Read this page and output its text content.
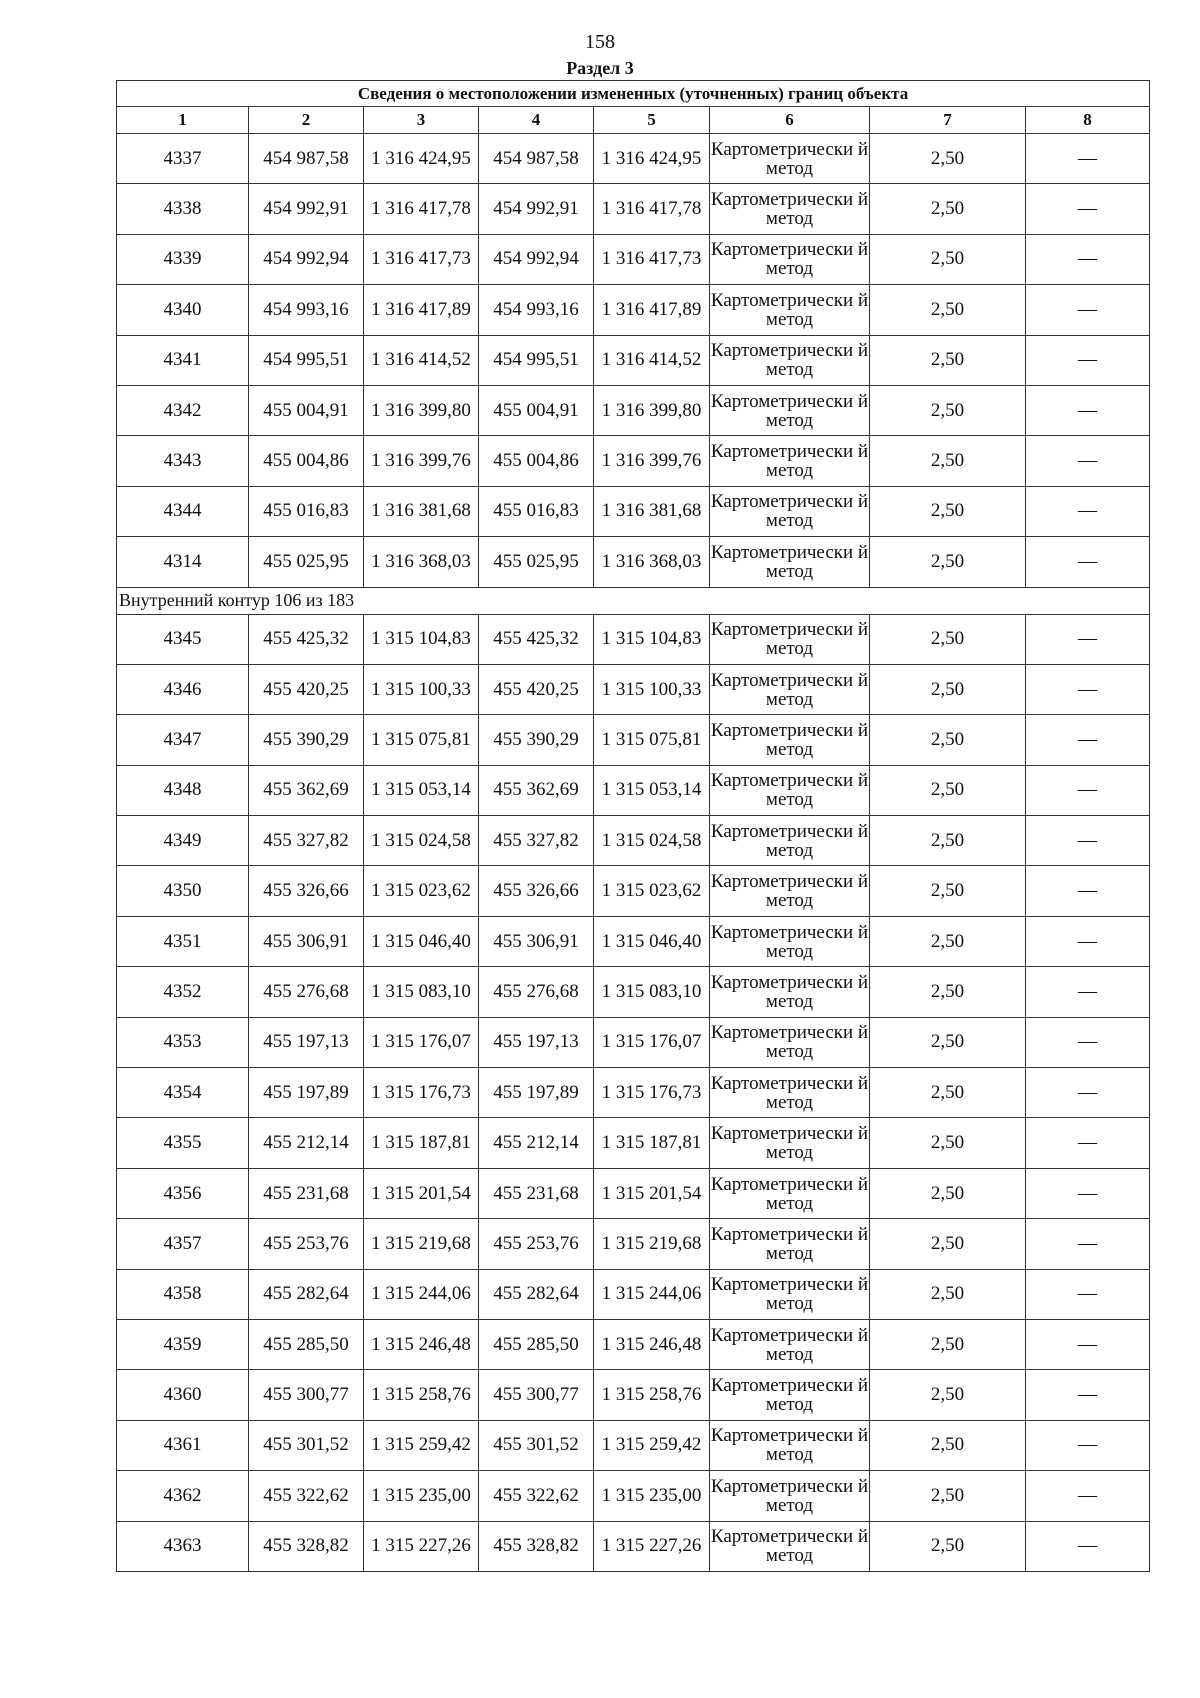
158
Раздел 3
Сведения о местоположении измененных (уточненных) границ объекта							
1	2	3	4	5	6	7	8
4337	454 987,58	1 316 424,95	454 987,58	1 316 424,95	Картометрически й метод	2,50	—
4338	454 992,91	1 316 417,78	454 992,91	1 316 417,78	Картометрически й метод	2,50	—
4339	454 992,94	1 316 417,73	454 992,94	1 316 417,73	Картометрически й метод	2,50	—
4340	454 993,16	1 316 417,89	454 993,16	1 316 417,89	Картометрически й метод	2,50	—
4341	454 995,51	1 316 414,52	454 995,51	1 316 414,52	Картометрически й метод	2,50	—
4342	455 004,91	1 316 399,80	455 004,91	1 316 399,80	Картометрически й метод	2,50	—
4343	455 004,86	1 316 399,76	455 004,86	1 316 399,76	Картометрически й метод	2,50	—
4344	455 016,83	1 316 381,68	455 016,83	1 316 381,68	Картометрически й метод	2,50	—
4314	455 025,95	1 316 368,03	455 025,95	1 316 368,03	Картометрически й метод	2,50	—
Внутренний контур 106 из 183							
4345	455 425,32	1 315 104,83	455 425,32	1 315 104,83	Картометрически й метод	2,50	—
4346	455 420,25	1 315 100,33	455 420,25	1 315 100,33	Картометрически й метод	2,50	—
4347	455 390,29	1 315 075,81	455 390,29	1 315 075,81	Картометрически й метод	2,50	—
4348	455 362,69	1 315 053,14	455 362,69	1 315 053,14	Картометрически й метод	2,50	—
4349	455 327,82	1 315 024,58	455 327,82	1 315 024,58	Картометрически й метод	2,50	—
4350	455 326,66	1 315 023,62	455 326,66	1 315 023,62	Картометрически й метод	2,50	—
4351	455 306,91	1 315 046,40	455 306,91	1 315 046,40	Картометрически й метод	2,50	—
4352	455 276,68	1 315 083,10	455 276,68	1 315 083,10	Картометрически й метод	2,50	—
4353	455 197,13	1 315 176,07	455 197,13	1 315 176,07	Картометрически й метод	2,50	—
4354	455 197,89	1 315 176,73	455 197,89	1 315 176,73	Картометрически й метод	2,50	—
4355	455 212,14	1 315 187,81	455 212,14	1 315 187,81	Картометрически й метод	2,50	—
4356	455 231,68	1 315 201,54	455 231,68	1 315 201,54	Картометрически й метод	2,50	—
4357	455 253,76	1 315 219,68	455 253,76	1 315 219,68	Картометрически й метод	2,50	—
4358	455 282,64	1 315 244,06	455 282,64	1 315 244,06	Картометрически й метод	2,50	—
4359	455 285,50	1 315 246,48	455 285,50	1 315 246,48	Картометрически й метод	2,50	—
4360	455 300,77	1 315 258,76	455 300,77	1 315 258,76	Картометрически й метод	2,50	—
4361	455 301,52	1 315 259,42	455 301,52	1 315 259,42	Картометрически й метод	2,50	—
4362	455 322,62	1 315 235,00	455 322,62	1 315 235,00	Картометрически й метод	2,50	—
4363	455 328,82	1 315 227,26	455 328,82	1 315 227,26	Картометрически й метод	2,50	—
